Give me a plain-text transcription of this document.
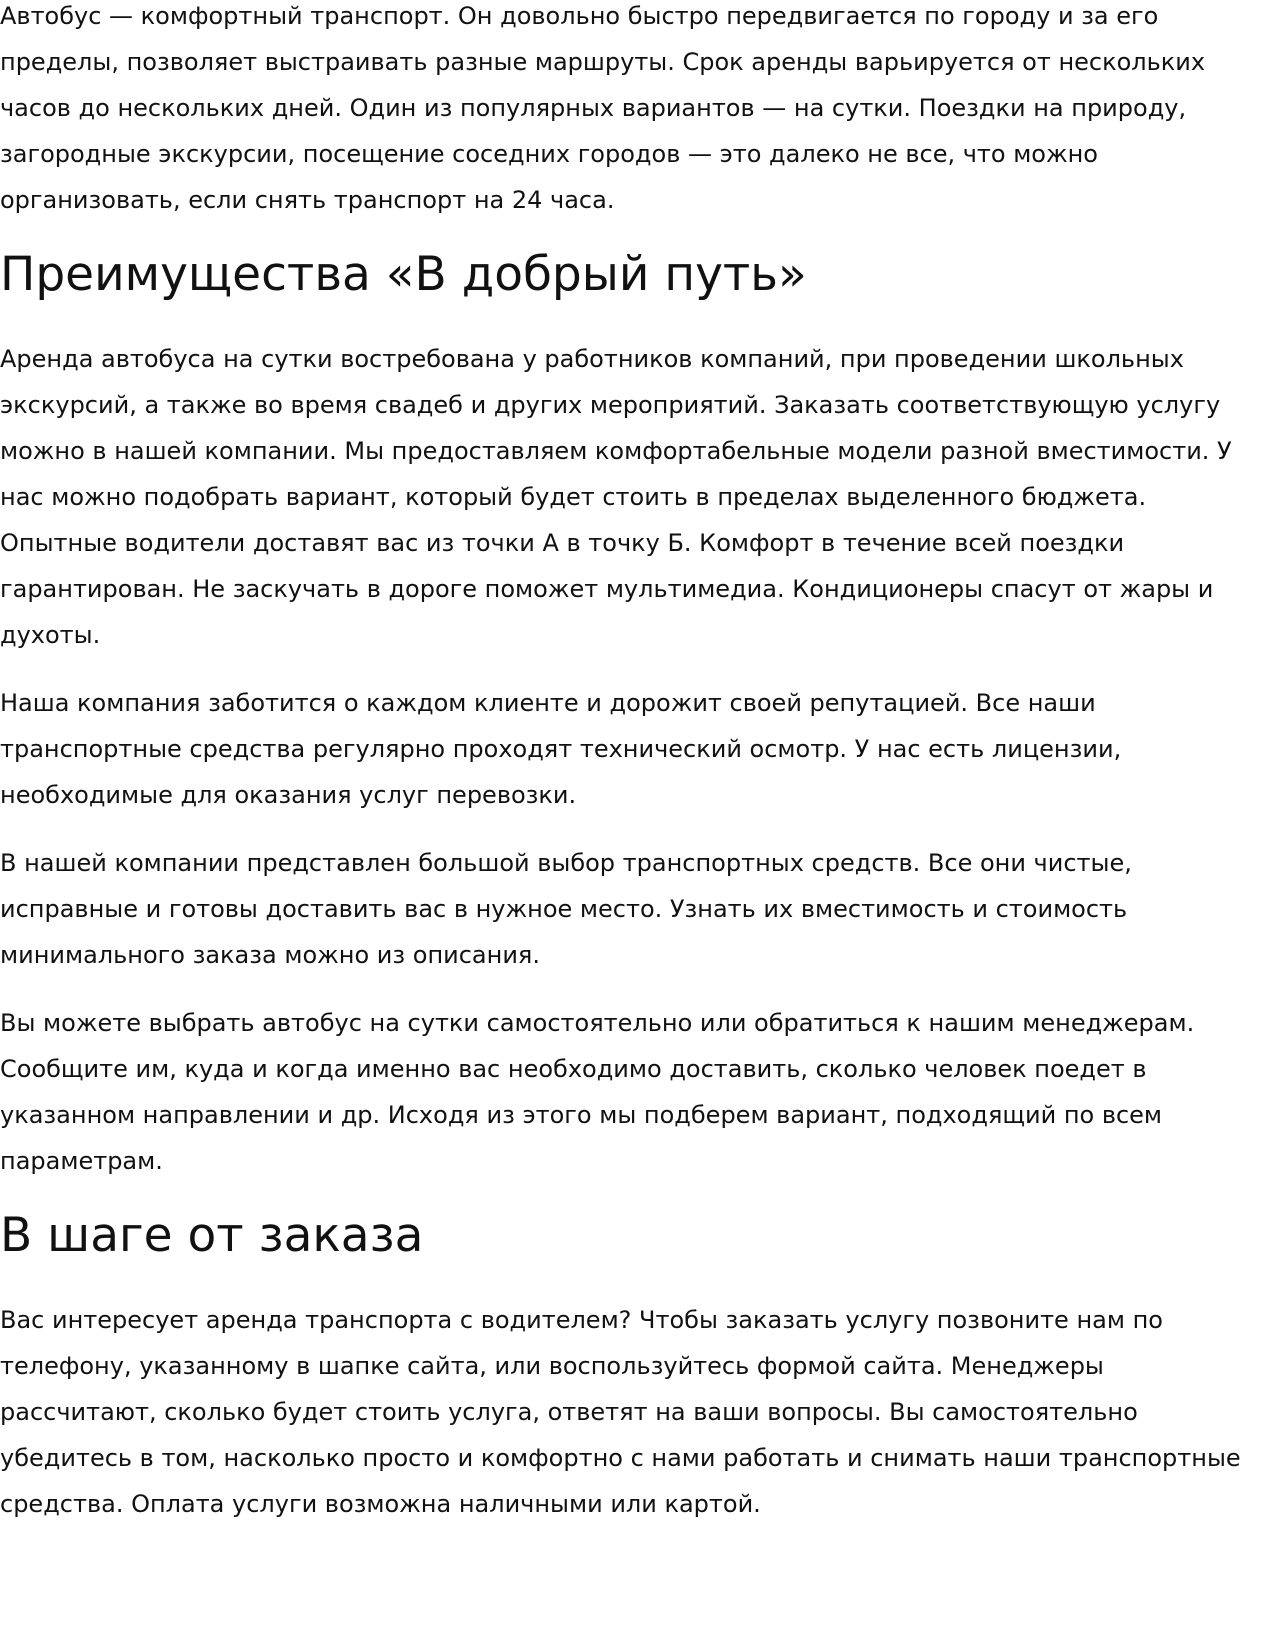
Автобус — комфортный транспорт. Он довольно быстро передвигается по городу и за его пределы, позволяет выстраивать разные маршруты. Срок аренды варьируется от нескольких часов до нескольких дней. Один из популярных вариантов — на сутки. Поездки на природу, загородные экскурсии, посещение соседних городов — это далеко не все, что можно организовать, если снять транспорт на 24 часа.

Преимущества «В добрый путь»

Аренда автобуса на сутки востребована у работников компаний, при проведении школьных экскурсий, а также во время свадеб и других мероприятий. Заказать соответствующую услугу можно в нашей компании. Мы предоставляем комфортабельные модели разной вместимости. У нас можно подобрать вариант, который будет стоить в пределах выделенного бюджета. Опытные водители доставят вас из точки А в точку Б. Комфорт в течение всей поездки гарантирован. Не заскучать в дороге поможет мультимедиа. Кондиционеры спасут от жары и духоты.

Наша компания заботится о каждом клиенте и дорожит своей репутацией. Все наши транспортные средства регулярно проходят технический осмотр. У нас есть лицензии, необходимые для оказания услуг перевозки.

В нашей компании представлен большой выбор транспортных средств. Все они чистые, исправные и готовы доставить вас в нужное место. Узнать их вместимость и стоимость минимального заказа можно из описания.

Вы можете выбрать автобус на сутки самостоятельно или обратиться к нашим менеджерам. Сообщите им, куда и когда именно вас необходимо доставить, сколько человек поедет в указанном направлении и др. Исходя из этого мы подберем вариант, подходящий по всем параметрам.

В шаге от заказа

Вас интересует аренда транспорта с водителем? Чтобы заказать услугу позвоните нам по телефону, указанному в шапке сайта, или воспользуйтесь формой сайта. Менеджеры рассчитают, сколько будет стоить услуга, ответят на ваши вопросы. Вы самостоятельно убедитесь в том, насколько просто и комфортно с нами работать и снимать наши транспортные средства. Оплата услуги возможна наличными или картой.
